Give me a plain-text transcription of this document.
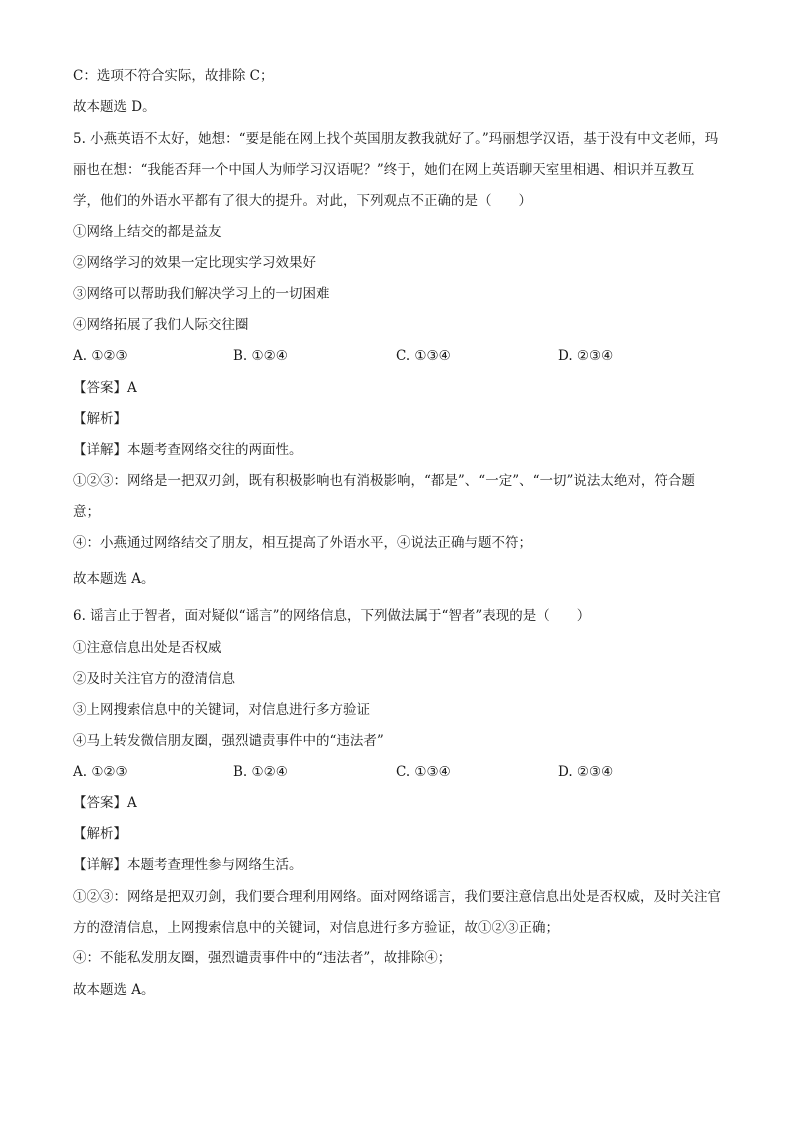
C：选项不符合实际，故排除 C；
故本题选 D。
5. 小燕英语不太好，她想：“要是能在网上找个英国朋友教我就好了。”玛丽想学汉语，基于没有中文老师，玛丽也在想：“我能否拜一个中国人为师学习汉语呢？”终于，她们在网上英语聊天室里相遇、相识并互教互学，他们的外语水平都有了很大的提升。对此，下列观点不正确的是（　　）
①网络上结交的都是益友
②网络学习的效果一定比现实学习效果好
③网络可以帮助我们解决学习上的一切困难
④网络拓展了我们人际交往圈
A. ①②③	B. ①②④	C. ①③④	D. ②③④
【答案】A
【解析】
【详解】本题考查网络交往的两面性。
①②③：网络是一把双刃剑，既有积极影响也有消极影响，“都是”、“一定”、“一切”说法太绝对，符合题意；
④：小燕通过网络结交了朋友，相互提高了外语水平，④说法正确与题不符；
故本题选 A。
6. 谣言止于智者，面对疑似“谣言”的网络信息，下列做法属于“智者”表现的是（　　）
①注意信息出处是否权威
②及时关注官方的澄清信息
③上网搜索信息中的关键词，对信息进行多方验证
④马上转发微信朋友圈，强烈谴责事件中的“违法者”
A. ①②③	B. ①②④	C. ①③④	D. ②③④
【答案】A
【解析】
【详解】本题考查理性参与网络生活。
①②③：网络是把双刃剑，我们要合理利用网络。面对网络谣言，我们要注意信息出处是否权威，及时关注官方的澄清信息，上网搜索信息中的关键词，对信息进行多方验证，故①②③正确；
④：不能私发朋友圈，强烈谴责事件中的“违法者”，故排除④；
故本题选 A。
